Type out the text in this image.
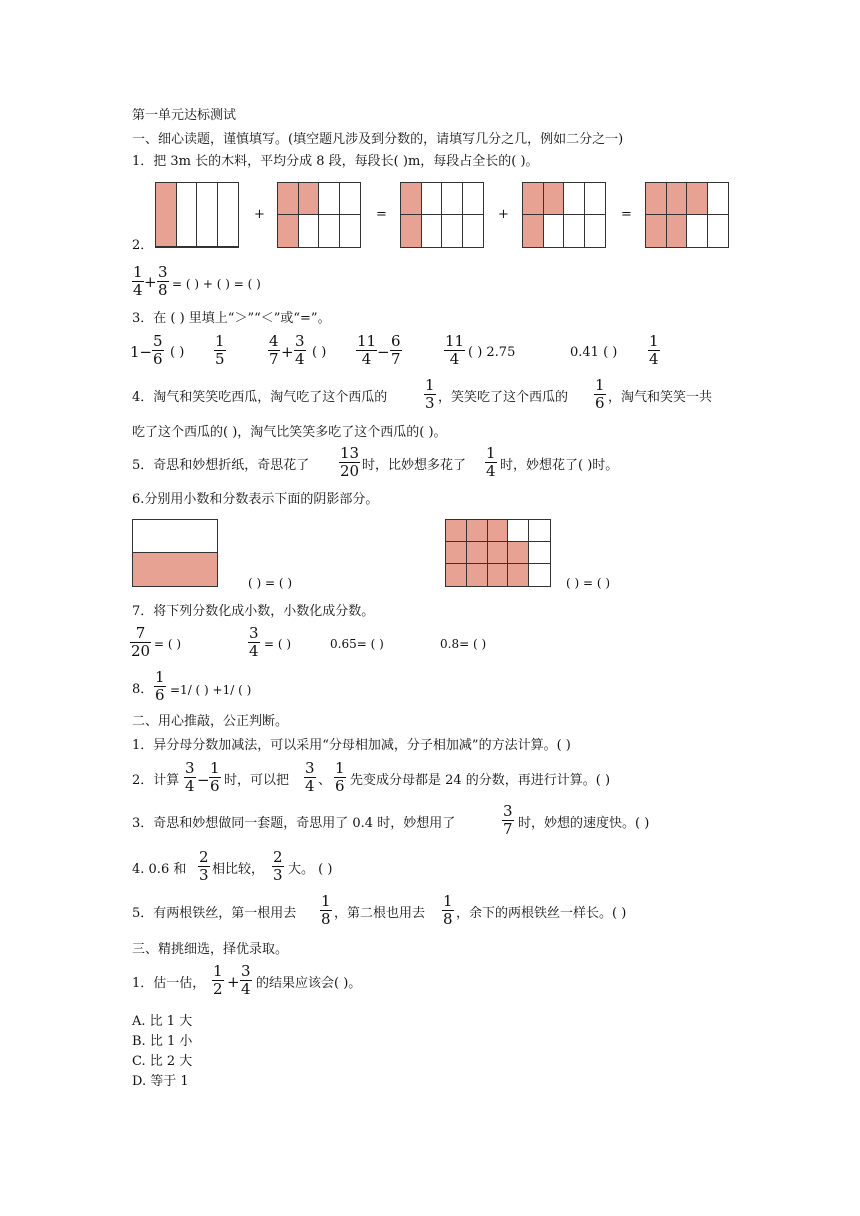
第一单元达标测试
一、细心读题，谨慎填写。(填空题凡涉及到分数的，请填写几分之几，例如二分之一)
1．把 3m 长的木料，平均分成 8 段，每段长( )m，每段占全长的( )。
+	=	+	=
2．
$\frac{1}{4} + \frac{3}{8}$ = ( ) + ( ) = ( )
3．在 ( ) 里填上“＞”“＜”或“=”。
$1- \frac{5}{6}$ ( ) $\frac{1}{5}$	$\frac{4}{7} + \frac{3}{4}$ ( ) $\frac{11}{4} - \frac{6}{7}$	$\frac{11}{4}$ ( ) 2.75	0.41 ( ) $\frac{1}{4}$
4．淘气和笑笑吃西瓜，淘气吃了这个西瓜的 $\frac{1}{3}$ ，笑笑吃了这个西瓜的 $\frac{1}{6}$ ，淘气和笑笑一共
吃了这个西瓜的( )，淘气比笑笑多吃了这个西瓜的( )。
5．奇思和妙想折纸，奇思花了 $\frac{13}{20}$ 时，比妙想多花了 $\frac{1}{4}$ 时，妙想花了( )时。
6.分别用小数和分数表示下面的阴影部分。
( ) = ( )	( ) = ( )
7．将下列分数化成小数，小数化成分数。
$\frac{7}{20}$ = ( )	$\frac{3}{4}$ = ( )	0.65= ( )	0.8= ( )
8． $\frac{1}{6} =1/$ ( ) +1/ ( )
二、用心推敲，公正判断。
1．异分母分数加减法，可以采用“分母相加减，分子相加减”的方法计算。( )
2．计算 $\frac{3}{4} - \frac{1}{6}$ 时，可以把 $\frac{3}{4}$ 、 $\frac{1}{6}$ 先变成分母都是 24 的分数，再进行计算。( )
3．奇思和妙想做同一套题，奇思用了 0.4 时，妙想用了	$\frac{3}{7}$ 时，妙想的速度快。( )
4. 0.6 和 $\frac{2}{3}$ 相比较， $\frac{2}{3}$ 大。 ( )
5．有两根铁丝，第一根用去 $\frac{1}{8}$ ，第二根也用去 $\frac{1}{8}$ ，余下的两根铁丝一样长。( )
三、精挑细选，择优录取。
1．估一估， $\frac{1}{2} + \frac{3}{4}$ 的结果应该会( )。
A. 比 1 大
B. 比 1 小
C. 比 2 大
D. 等于 1
